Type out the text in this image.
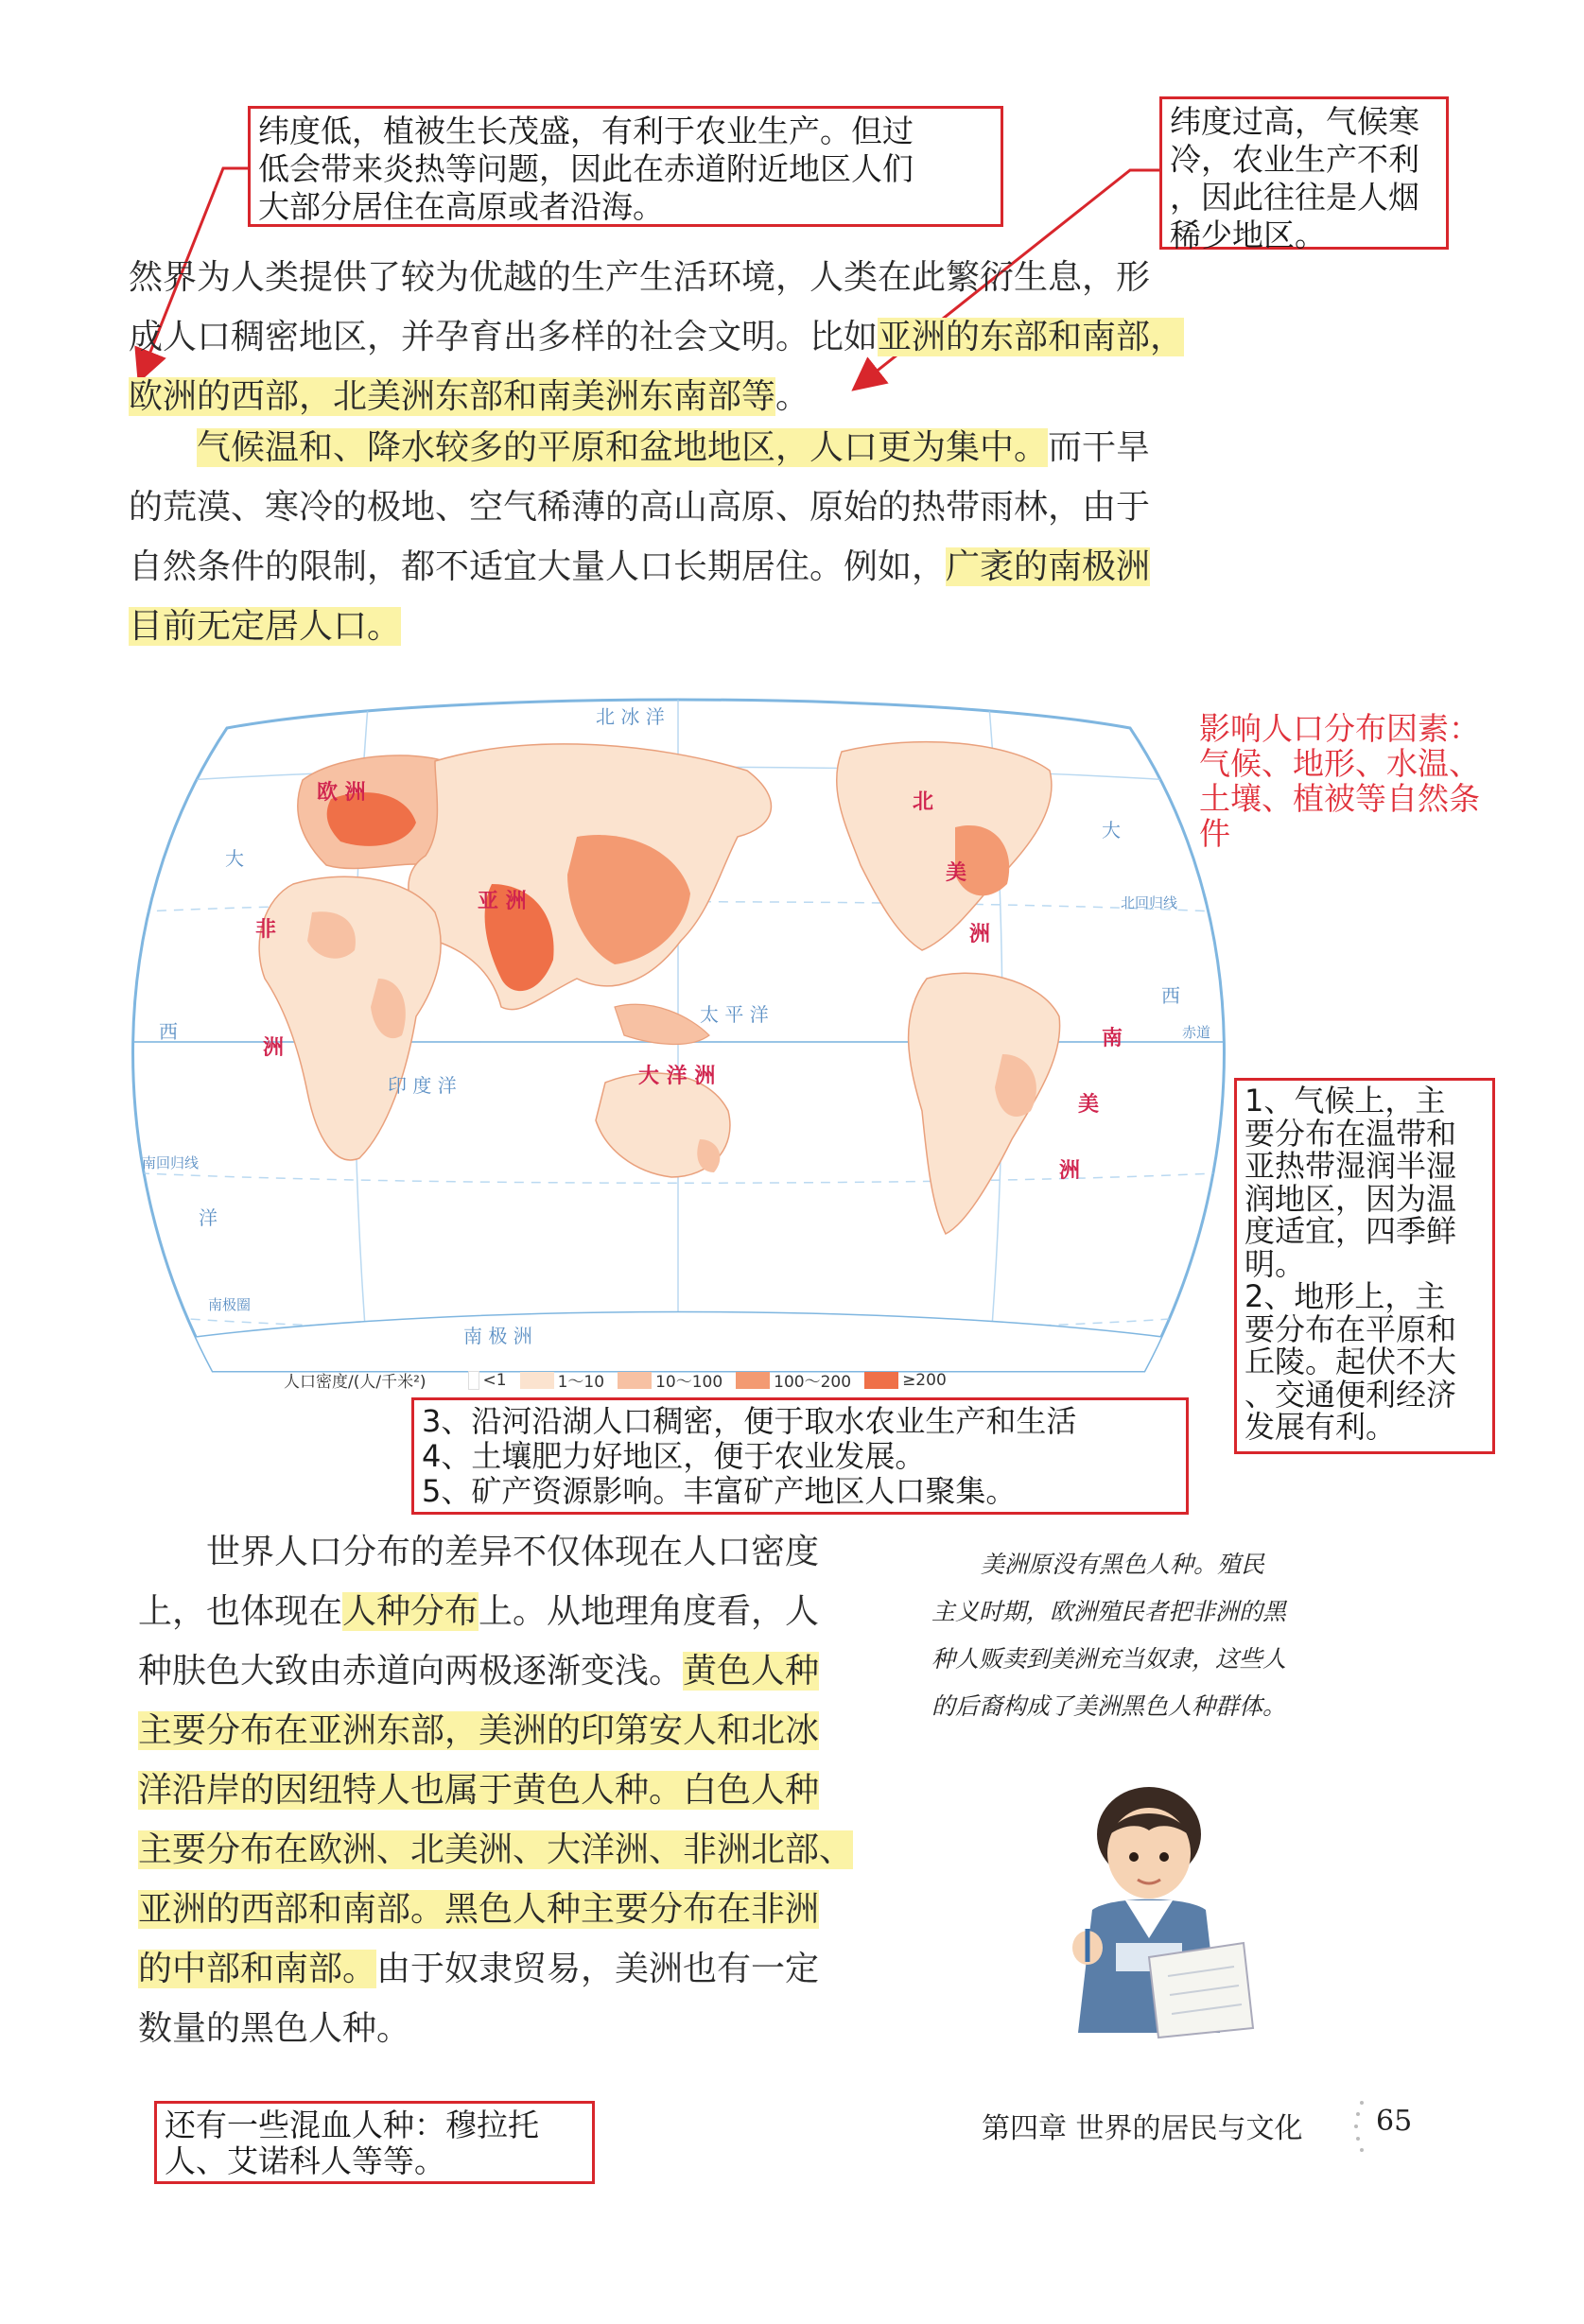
纬度低，植被生长茂盛，有利于农业生产。但过
低会带来炎热等问题，因此在赤道附近地区人们
大部分居住在高原或者沿海。
纬度过高，气候寒
冷，农业生产不利
，因此往往是人烟
稀少地区。
然界为人类提供了较为优越的生产生活环境，人类在此繁衍生息，形
成人口稠密地区，并孕育出多样的社会文明。比如亚洲的东部和南部，
欧洲的西部，北美洲东部和南美洲东南部等。
气候温和、降水较多的平原和盆地地区，人口更为集中。而干旱
的荒漠、寒冷的极地、空气稀薄的高山高原、原始的热带雨林，由于
自然条件的限制，都不适宜大量人口长期居住。例如，广袤的南极洲
目前无定居人口。
影响人口分布因素：
气候、地形、水温、
土壤、植被等自然条
件
北 冰 洋
太 平 洋
印 度 洋
大
西
洋
大
西
南 极 洲
欧 洲
亚 洲
非
洲
北
美
洲
大 洋 洲
南
美
洲
北回归线
赤道
南回归线
南极圈
人口密度/(人/千米²)	<1	1～10	10～100	100～200	≥200
1、气候上，主
要分布在温带和
亚热带湿润半湿
润地区，因为温
度适宜，四季鲜
明。
2、地形上，主
要分布在平原和
丘陵。起伏不大
、交通便利经济
发展有利。
3、沿河沿湖人口稠密，便于取水农业生产和生活
4、土壤肥力好地区，便于农业发展。
5、矿产资源影响。丰富矿产地区人口聚集。
世界人口分布的差异不仅体现在人口密度
上，也体现在人种分布上。从地理角度看，人
种肤色大致由赤道向两极逐渐变浅。黄色人种
主要分布在亚洲东部，美洲的印第安人和北冰
洋沿岸的因纽特人也属于黄色人种。白色人种
主要分布在欧洲、北美洲、大洋洲、非洲北部、
亚洲的西部和南部。黑色人种主要分布在非洲
的中部和南部。由于奴隶贸易，美洲也有一定
数量的黑色人种。
美洲原没有黑色人种。殖民
主义时期，欧洲殖民者把非洲的黑
种人贩卖到美洲充当奴隶，这些人
的后裔构成了美洲黑色人种群体。
还有一些混血人种：穆拉托
人、艾诺科人等等。
第四章 世界的居民与文化	65
